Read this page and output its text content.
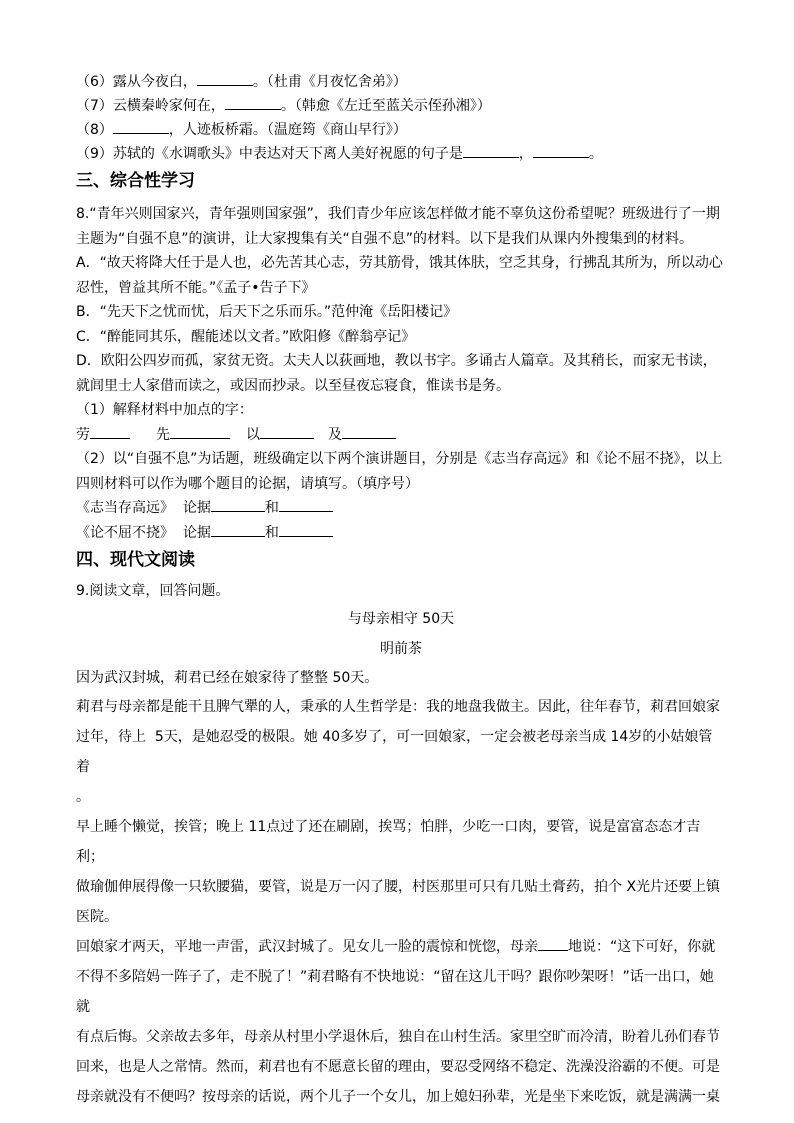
（6）露从今夜白，	。（杜甫《月夜忆舍弟》）
（7）云横秦岭家何在，	。（韩愈《左迁至蓝关示侄孙湘》）
（8）	，人迹板桥霜。（温庭筠《商山早行》）
（9）苏轼的《水调歌头》中表达对天下离人美好祝愿的句子是	，	。
三、综合性学习

8.“青年兴则国家兴，青年强则国家强”，我们青少年应该怎样做才能不辜负这份希望呢？班级进行了一期

主题为“自强不息”的演讲，让大家搜集有关“自强不息”的材料。以下是我们从课内外搜集到的材料。

A．“故天将降大任于是人也，必先苦其心志，劳其筋骨，饿其体肤，空乏其身，行拂乱其所为，所以动心

忍性，曾益其所不能。”《孟子•告子下》

B．“先天下之忧而忧，后天下之乐而乐。”范仲淹《岳阳楼记》

C．“醉能同其乐，醒能述以文者。”欧阳修《醉翁亭记》

D．欧阳公四岁而孤，家贫无资。太夫人以荻画地，教以书字。多诵古人篇章。及其稍长，而家无书读，

就闾里士人家借而读之，或因而抄录。以至昼夜忘寝食，惟读书是务。

（1）解释材料中加点的字：

劳	先	以	及

（2）以“自强不息”为话题，班级确定以下两个演讲题目，分别是《志当存高远》和《论不屈不挠》，以上

四则材料可以作为哪个题目的论据，请填写。（填序号）

《志当存高远》  论据	和

《论不屈不挠》  论据	和

四、现代文阅读

9.阅读文章，回答问题。

与母亲相守 50天

明前茶

因为武汉封城，莉君已经在娘家待了整整 50天。

莉君与母亲都是能干且脾气犟的人，秉承的人生哲学是：我的地盘我做主。因此，往年春节，莉君回娘家

过年，待上  5天，是她忍受的极限。她 40多岁了，可一回娘家，一定会被老母亲当成 14岁的小姑娘管着

。

早上睡个懒觉，挨管；晚上 11点过了还在刷剧，挨骂；怕胖，少吃一口肉，要管，说是富富态态才吉利；

做瑜伽伸展得像一只软腰猫，要管，说是万一闪了腰，村医那里可只有几贴土膏药，拍个 X光片还要上镇

医院。

回娘家才两天，平地一声雷，武汉封城了。见女儿一脸的震惊和恍惚，母亲 地说：“这下可好，你就

不得不多陪妈一阵子了，走不脱了！”莉君略有不快地说：“留在这儿干吗？跟你吵架呀！”话一出口，她就

有点后悔。父亲故去多年，母亲从村里小学退休后，独自在山村生活。家里空旷而冷清，盼着儿孙们春节

回来，也是人之常情。然而，莉君也有不愿意长留的理由，要忍受网络不稳定、洗澡没浴霸的不便。可是

母亲就没有不便吗？按母亲的话说，两个儿子一个女儿，加上媳妇孙辈，光是坐下来吃饭，就是满满一桌
